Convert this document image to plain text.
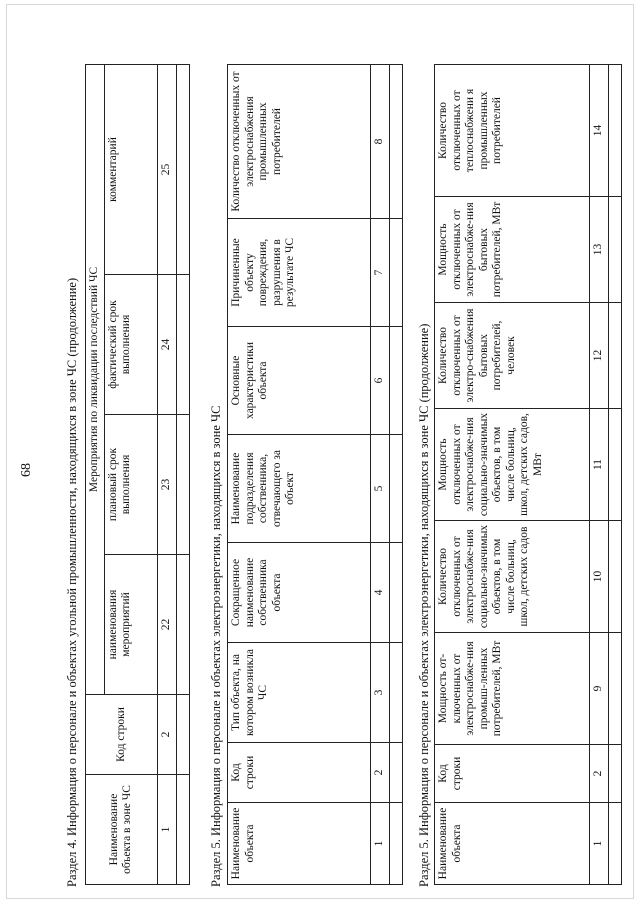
68 Раздел 4. Информация о персонале и объектах угольной промышленности, находящихся в зоне ЧС (продолжение) Наименование объекта в зоне ЧС	Код строки	Мероприятия по ликвидации последствий ЧС			
		наименования мероприятий	плановый срок выполнения	фактический срок выполнения	комментарий
1	2	22	23	24	25

Раздел 5. Информация о персонале и объектах электроэнергетики, находящихся в зоне ЧС Наименование объекта	Код строки	Тип объекта, на котором возникла ЧС	Сокращенное наименование собственника объекта	Наименование подразделения собственника, отвечающего за объект	Основные характеристики объекта	Причиненные объекту повреждения, разрушения в результате ЧС	Количество отключенных от электроснабжения промышленных потребителей
1	2	3	4	5	6	7	8

Раздел 5. Информация о персонале и объектах электроэнергетики, находящихся в зоне ЧС (продолжение) Наименование объекта	Код строки	Мощность от-ключенных от электроснабже-ния промыш-ленных потребителей, МВт	Количество отключенных от электроснабже-ния социально-значимых объектов, в том числе больниц, школ, детских садов	Мощность отключенных от электроснабже-ния социально-значимых объектов, в том числе больниц, школ, детских садов, МВт	Количество отключенных от электро-снабжения бытовых потребителей, человек	Мощность отключенных от электроснабже-ния бытовых потребителей, МВт	Количество отключенных от теплоснабжени я промышленных потребителей
1	2	9	10	11	12	13	14
